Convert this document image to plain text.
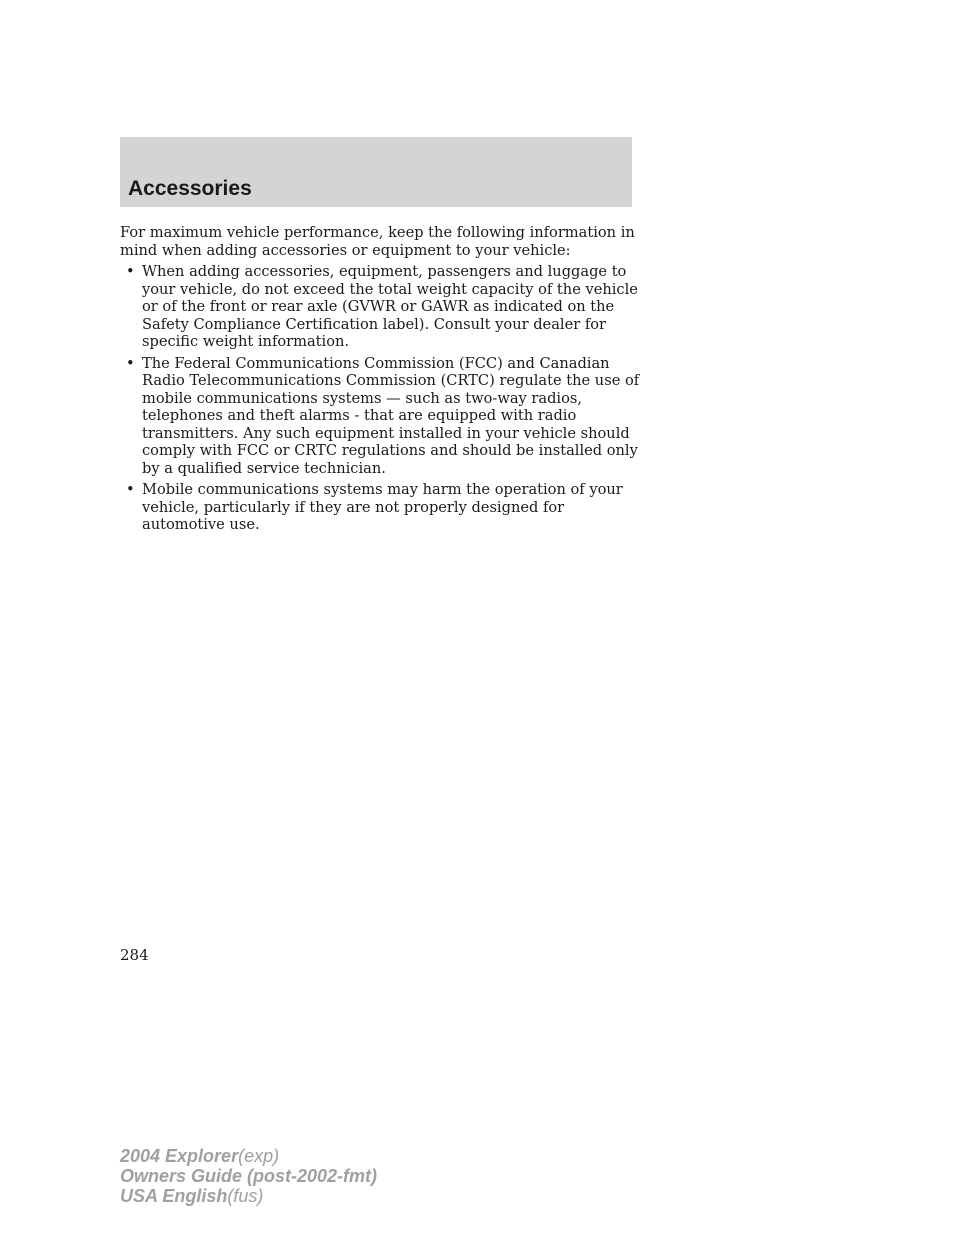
Accessories

For maximum vehicle performance, keep the following information in mind when adding accessories or equipment to your vehicle:

• When adding accessories, equipment, passengers and luggage to your vehicle, do not exceed the total weight capacity of the vehicle or of the front or rear axle (GVWR or GAWR as indicated on the Safety Compliance Certification label). Consult your dealer for specific weight information.
• The Federal Communications Commission (FCC) and Canadian Radio Telecommunications Commission (CRTC) regulate the use of mobile communications systems — such as two-way radios, telephones and theft alarms - that are equipped with radio transmitters. Any such equipment installed in your vehicle should comply with FCC or CRTC regulations and should be installed only by a qualified service technician.
• Mobile communications systems may harm the operation of your vehicle, particularly if they are not properly designed for automotive use.
284
2004 Explorer(exp)
Owners Guide (post-2002-fmt)
USA English(fus)
